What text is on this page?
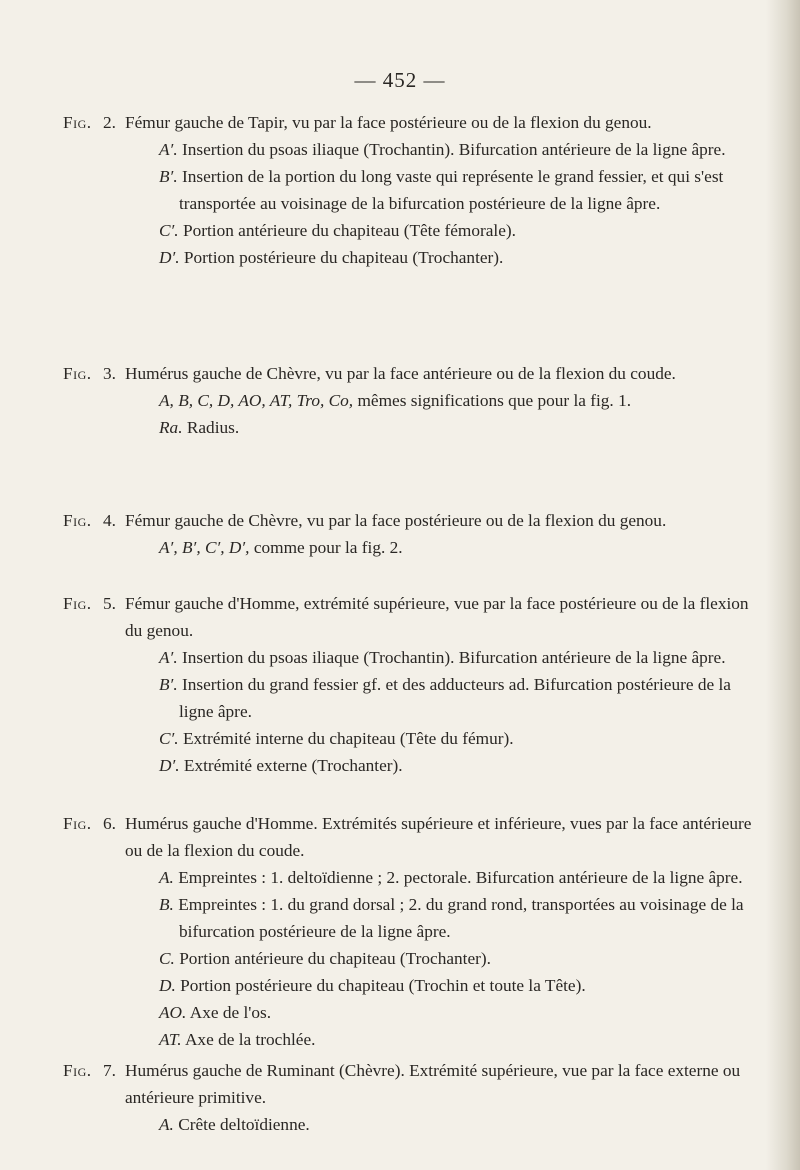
— 452 —
Fig. 2. Fémur gauche de Tapir, vu par la face postérieure ou de la flexion du genou.
A′. Insertion du psoas iliaque (Trochantin). Bifurcation antérieure de la ligne âpre.
B′. Insertion de la portion du long vaste qui représente le grand fessier, et qui s'est transportée au voisinage de la bifurcation postérieure de la ligne âpre.
C′. Portion antérieure du chapiteau (Tête fémorale).
D′. Portion postérieure du chapiteau (Trochanter).
Fig. 3. Humérus gauche de Chèvre, vu par la face antérieure ou de la flexion du coude.
A, B, C, D, AO, AT, Tro, Co, mêmes significations que pour la fig. 1.
Ra. Radius.
Fig. 4. Fémur gauche de Chèvre, vu par la face postérieure ou de la flexion du genou.
A′, B′, C′, D′, comme pour la fig. 2.
Fig. 5. Fémur gauche d'Homme, extrémité supérieure, vue par la face postérieure ou de la flexion du genou.
A′. Insertion du psoas iliaque (Trochantin). Bifurcation antérieure de la ligne âpre.
B′. Insertion du grand fessier gf. et des adducteurs ad. Bifurcation postérieure de la ligne âpre.
C′. Extrémité interne du chapiteau (Tête du fémur).
D′. Extrémité externe (Trochanter).
Fig. 6. Humérus gauche d'Homme. Extrémités supérieure et inférieure, vues par la face antérieure ou de la flexion du coude.
A. Empreintes : 1. deltoïdienne ; 2. pectorale. Bifurcation antérieure de la ligne âpre.
B. Empreintes : 1. du grand dorsal ; 2. du grand rond, transportées au voisinage de la bifurcation postérieure de la ligne âpre.
C. Portion antérieure du chapiteau (Trochanter).
D. Portion postérieure du chapiteau (Trochin et toute la Tête).
AO. Axe de l'os.
AT. Axe de la trochlée.
Fig. 7. Humérus gauche de Ruminant (Chèvre). Extrémité supérieure, vue par la face externe ou antérieure primitive.
A. Crête deltoïdienne.
